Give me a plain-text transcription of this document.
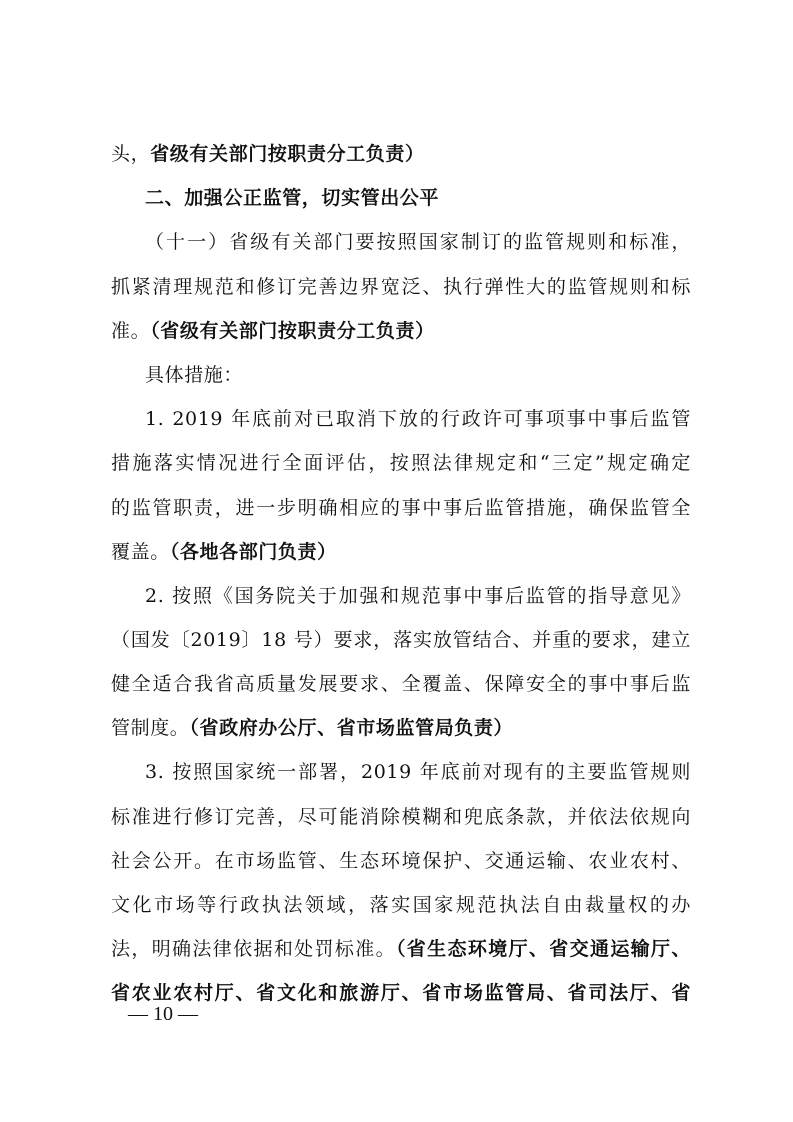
头，省级有关部门按职责分工负责）
二、加强公正监管，切实管出公平
（十一）省级有关部门要按照国家制订的监管规则和标准，
抓紧清理规范和修订完善边界宽泛、执行弹性大的监管规则和标
准。（省级有关部门按职责分工负责）
具体措施：
1. 2019 年底前对已取消下放的行政许可事项事中事后监管
措施落实情况进行全面评估，按照法律规定和“三定”规定确定
的监管职责，进一步明确相应的事中事后监管措施，确保监管全
覆盖。（各地各部门负责）
2. 按照《国务院关于加强和规范事中事后监管的指导意见》
（国发〔2019〕18 号）要求，落实放管结合、并重的要求，建立
健全适合我省高质量发展要求、全覆盖、保障安全的事中事后监
管制度。（省政府办公厅、省市场监管局负责）
3. 按照国家统一部署，2019 年底前对现有的主要监管规则
标准进行修订完善，尽可能消除模糊和兜底条款，并依法依规向
社会公开。在市场监管、生态环境保护、交通运输、农业农村、
文化市场等行政执法领域，落实国家规范执法自由裁量权的办
法，明确法律依据和处罚标准。（省生态环境厅、省交通运输厅、
省农业农村厅、省文化和旅游厅、省市场监管局、省司法厅、省
— 10 —
